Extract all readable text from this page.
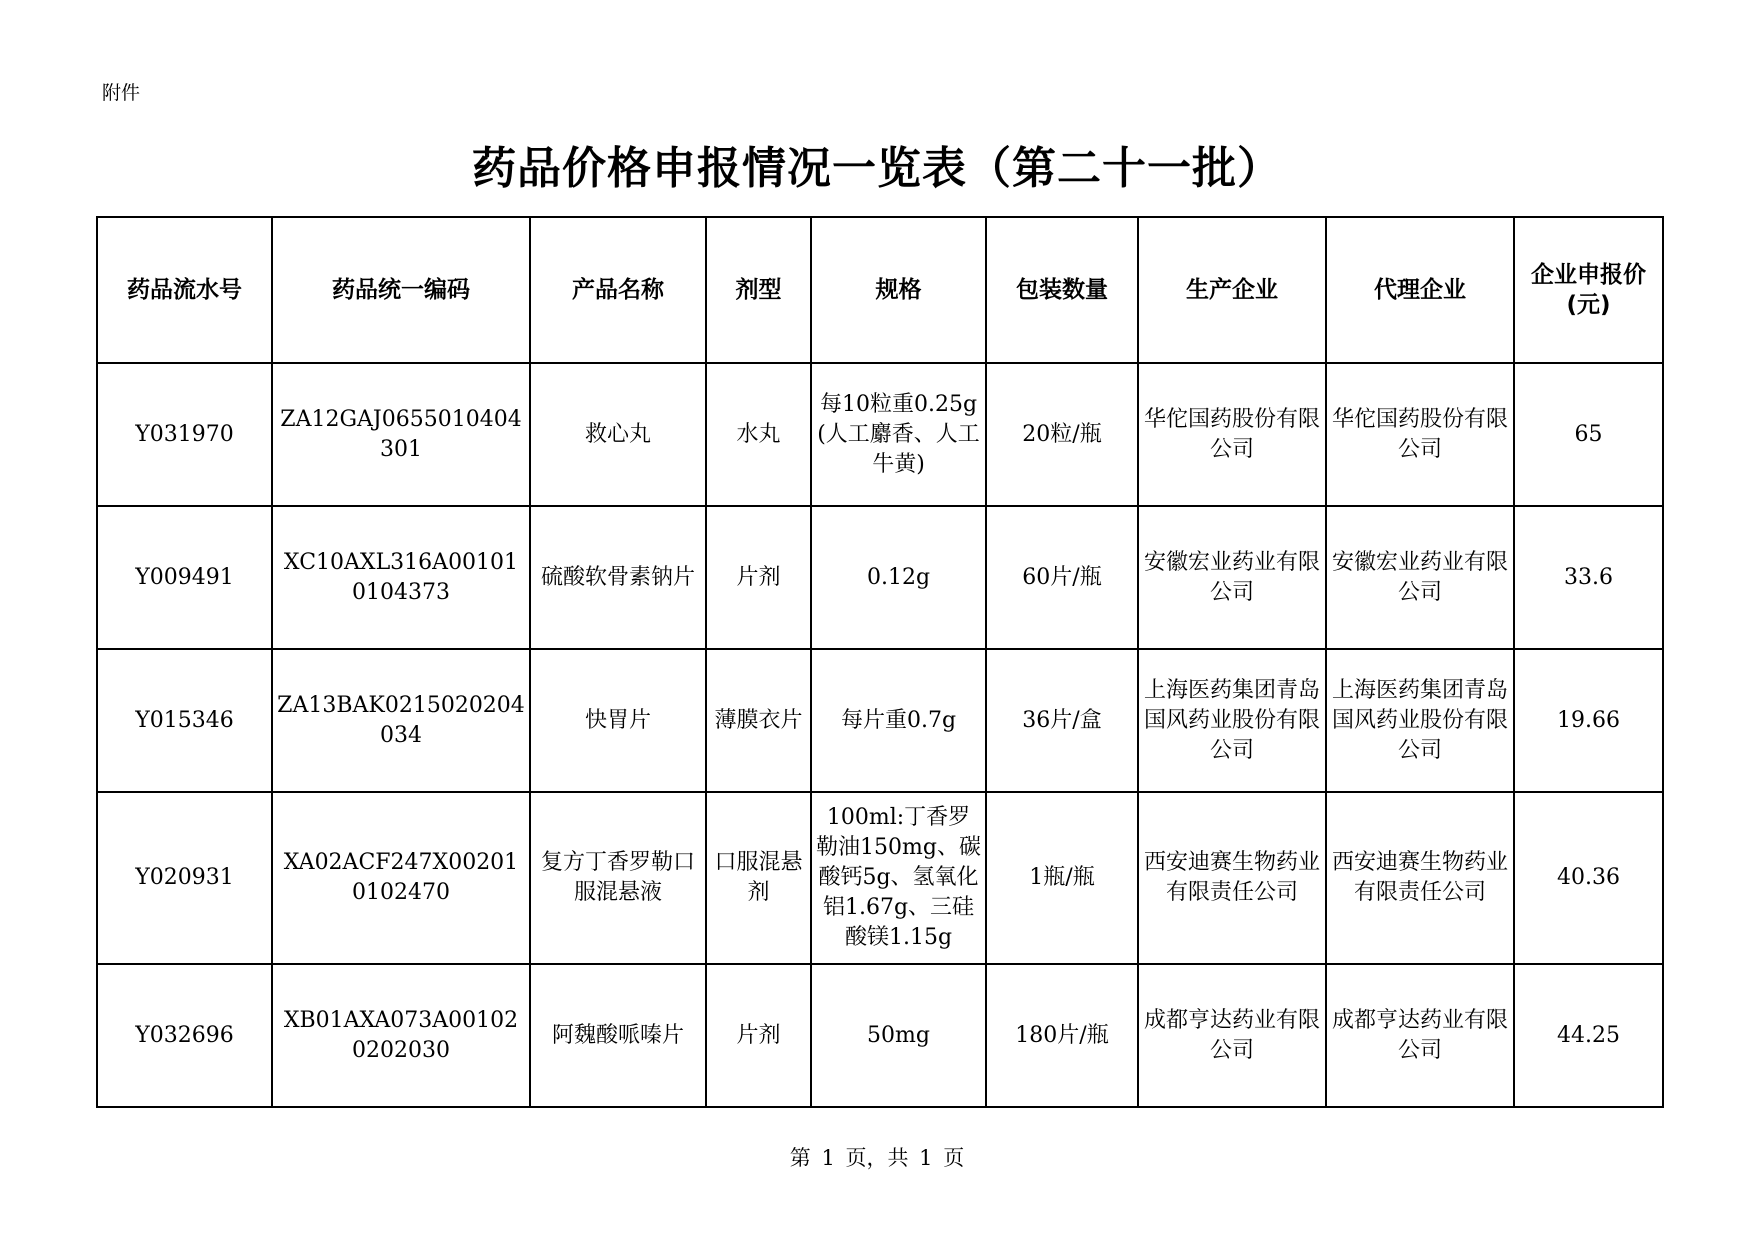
附件
药品价格申报情况一览表（第二十一批）
药品流水号	药品统一编码	产品名称	剂型	规格	包装数量	生产企业	代理企业	企业申报价(元)
Y031970	ZA12GAJ0655010404301	救心丸	水丸	每10粒重0.25g(人工麝香、人工牛黄)	20粒/瓶	华佗国药股份有限公司	华佗国药股份有限公司	65
Y009491	XC10AXL316A001010104373	硫酸软骨素钠片	片剂	0.12g	60片/瓶	安徽宏业药业有限公司	安徽宏业药业有限公司	33.6
Y015346	ZA13BAK0215020204034	快胃片	薄膜衣片	每片重0.7g	36片/盒	上海医药集团青岛国风药业股份有限公司	上海医药集团青岛国风药业股份有限公司	19.66
Y020931	XA02ACF247X002010102470	复方丁香罗勒口服混悬液	口服混悬剂	100ml:丁香罗勒油150mg、碳酸钙5g、氢氧化铝1.67g、三硅酸镁1.15g	1瓶/瓶	西安迪赛生物药业有限责任公司	西安迪赛生物药业有限责任公司	40.36
Y032696	XB01AXA073A001020202030	阿魏酸哌嗪片	片剂	50mg	180片/瓶	成都亨达药业有限公司	成都亨达药业有限公司	44.25
第 1 页，共 1 页
